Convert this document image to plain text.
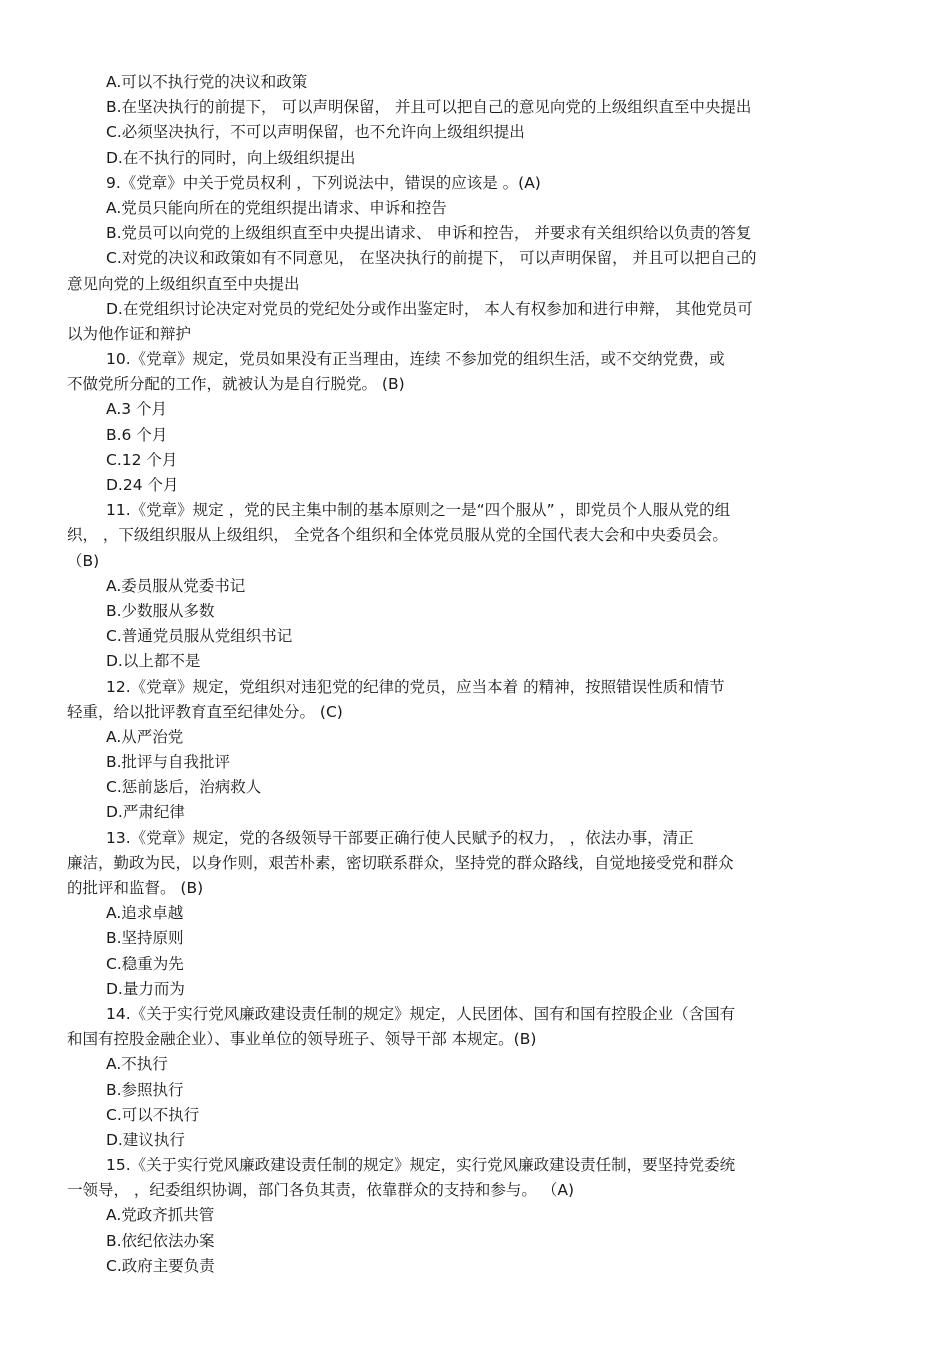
A.可以不执行党的决议和政策
B.在坚决执行的前提下， 可以声明保留， 并且可以把自己的意见向党的上级组织直至中央提出
C.必须坚决执行，不可以声明保留，也不允许向上级组织提出
D.在不执行的同时，向上级组织提出
9.《党章》中关于党员权利 ，下列说法中，错误的应该是 。(A)
A.党员只能向所在的党组织提出请求、申诉和控告
B.党员可以向党的上级组织直至中央提出请求、 申诉和控告， 并要求有关组织给以负责的答复
C.对党的决议和政策如有不同意见， 在坚决执行的前提下， 可以声明保留， 并且可以把自己的
意见向党的上级组织直至中央提出
D.在党组织讨论决定对党员的党纪处分或作出鉴定时， 本人有权参加和进行申辩， 其他党员可
以为他作证和辩护
10.《党章》规定，党员如果没有正当理由，连续 不参加党的组织生活，或不交纳党费，或
不做党所分配的工作，就被认为是自行脱党。 (B)
A.3 个月
B.6 个月
C.12 个月
D.24 个月
11.《党章》规定 ，党的民主集中制的基本原则之一是“四个服从” ，即党员个人服从党的组
织， ，下级组织服从上级组织， 全党各个组织和全体党员服从党的全国代表大会和中央委员会。
（B)
A.委员服从党委书记
B.少数服从多数
C.普通党员服从党组织书记
D.以上都不是
12.《党章》规定，党组织对违犯党的纪律的党员，应当本着 的精神，按照错误性质和情节
轻重，给以批评教育直至纪律处分。 (C)
A.从严治党
B.批评与自我批评
C.惩前毖后，治病救人
D.严肃纪律
13.《党章》规定，党的各级领导干部要正确行使人民赋予的权力， ，依法办事，清正
廉洁，勤政为民，以身作则，艰苦朴素，密切联系群众，坚持党的群众路线，自觉地接受党和群众
的批评和监督。 (B)
A.追求卓越
B.坚持原则
C.稳重为先
D.量力而为
14.《关于实行党风廉政建设责任制的规定》规定，人民团体、国有和国有控股企业（含国有
和国有控股金融企业）、事业单位的领导班子、领导干部 本规定。(B)
A.不执行
B.参照执行
C.可以不执行
D.建议执行
15.《关于实行党风廉政建设责任制的规定》规定，实行党风廉政建设责任制，要坚持党委统
一领导， ，纪委组织协调，部门各负其责，依靠群众的支持和参与。 （A)
A.党政齐抓共管
B.依纪依法办案
C.政府主要负责
